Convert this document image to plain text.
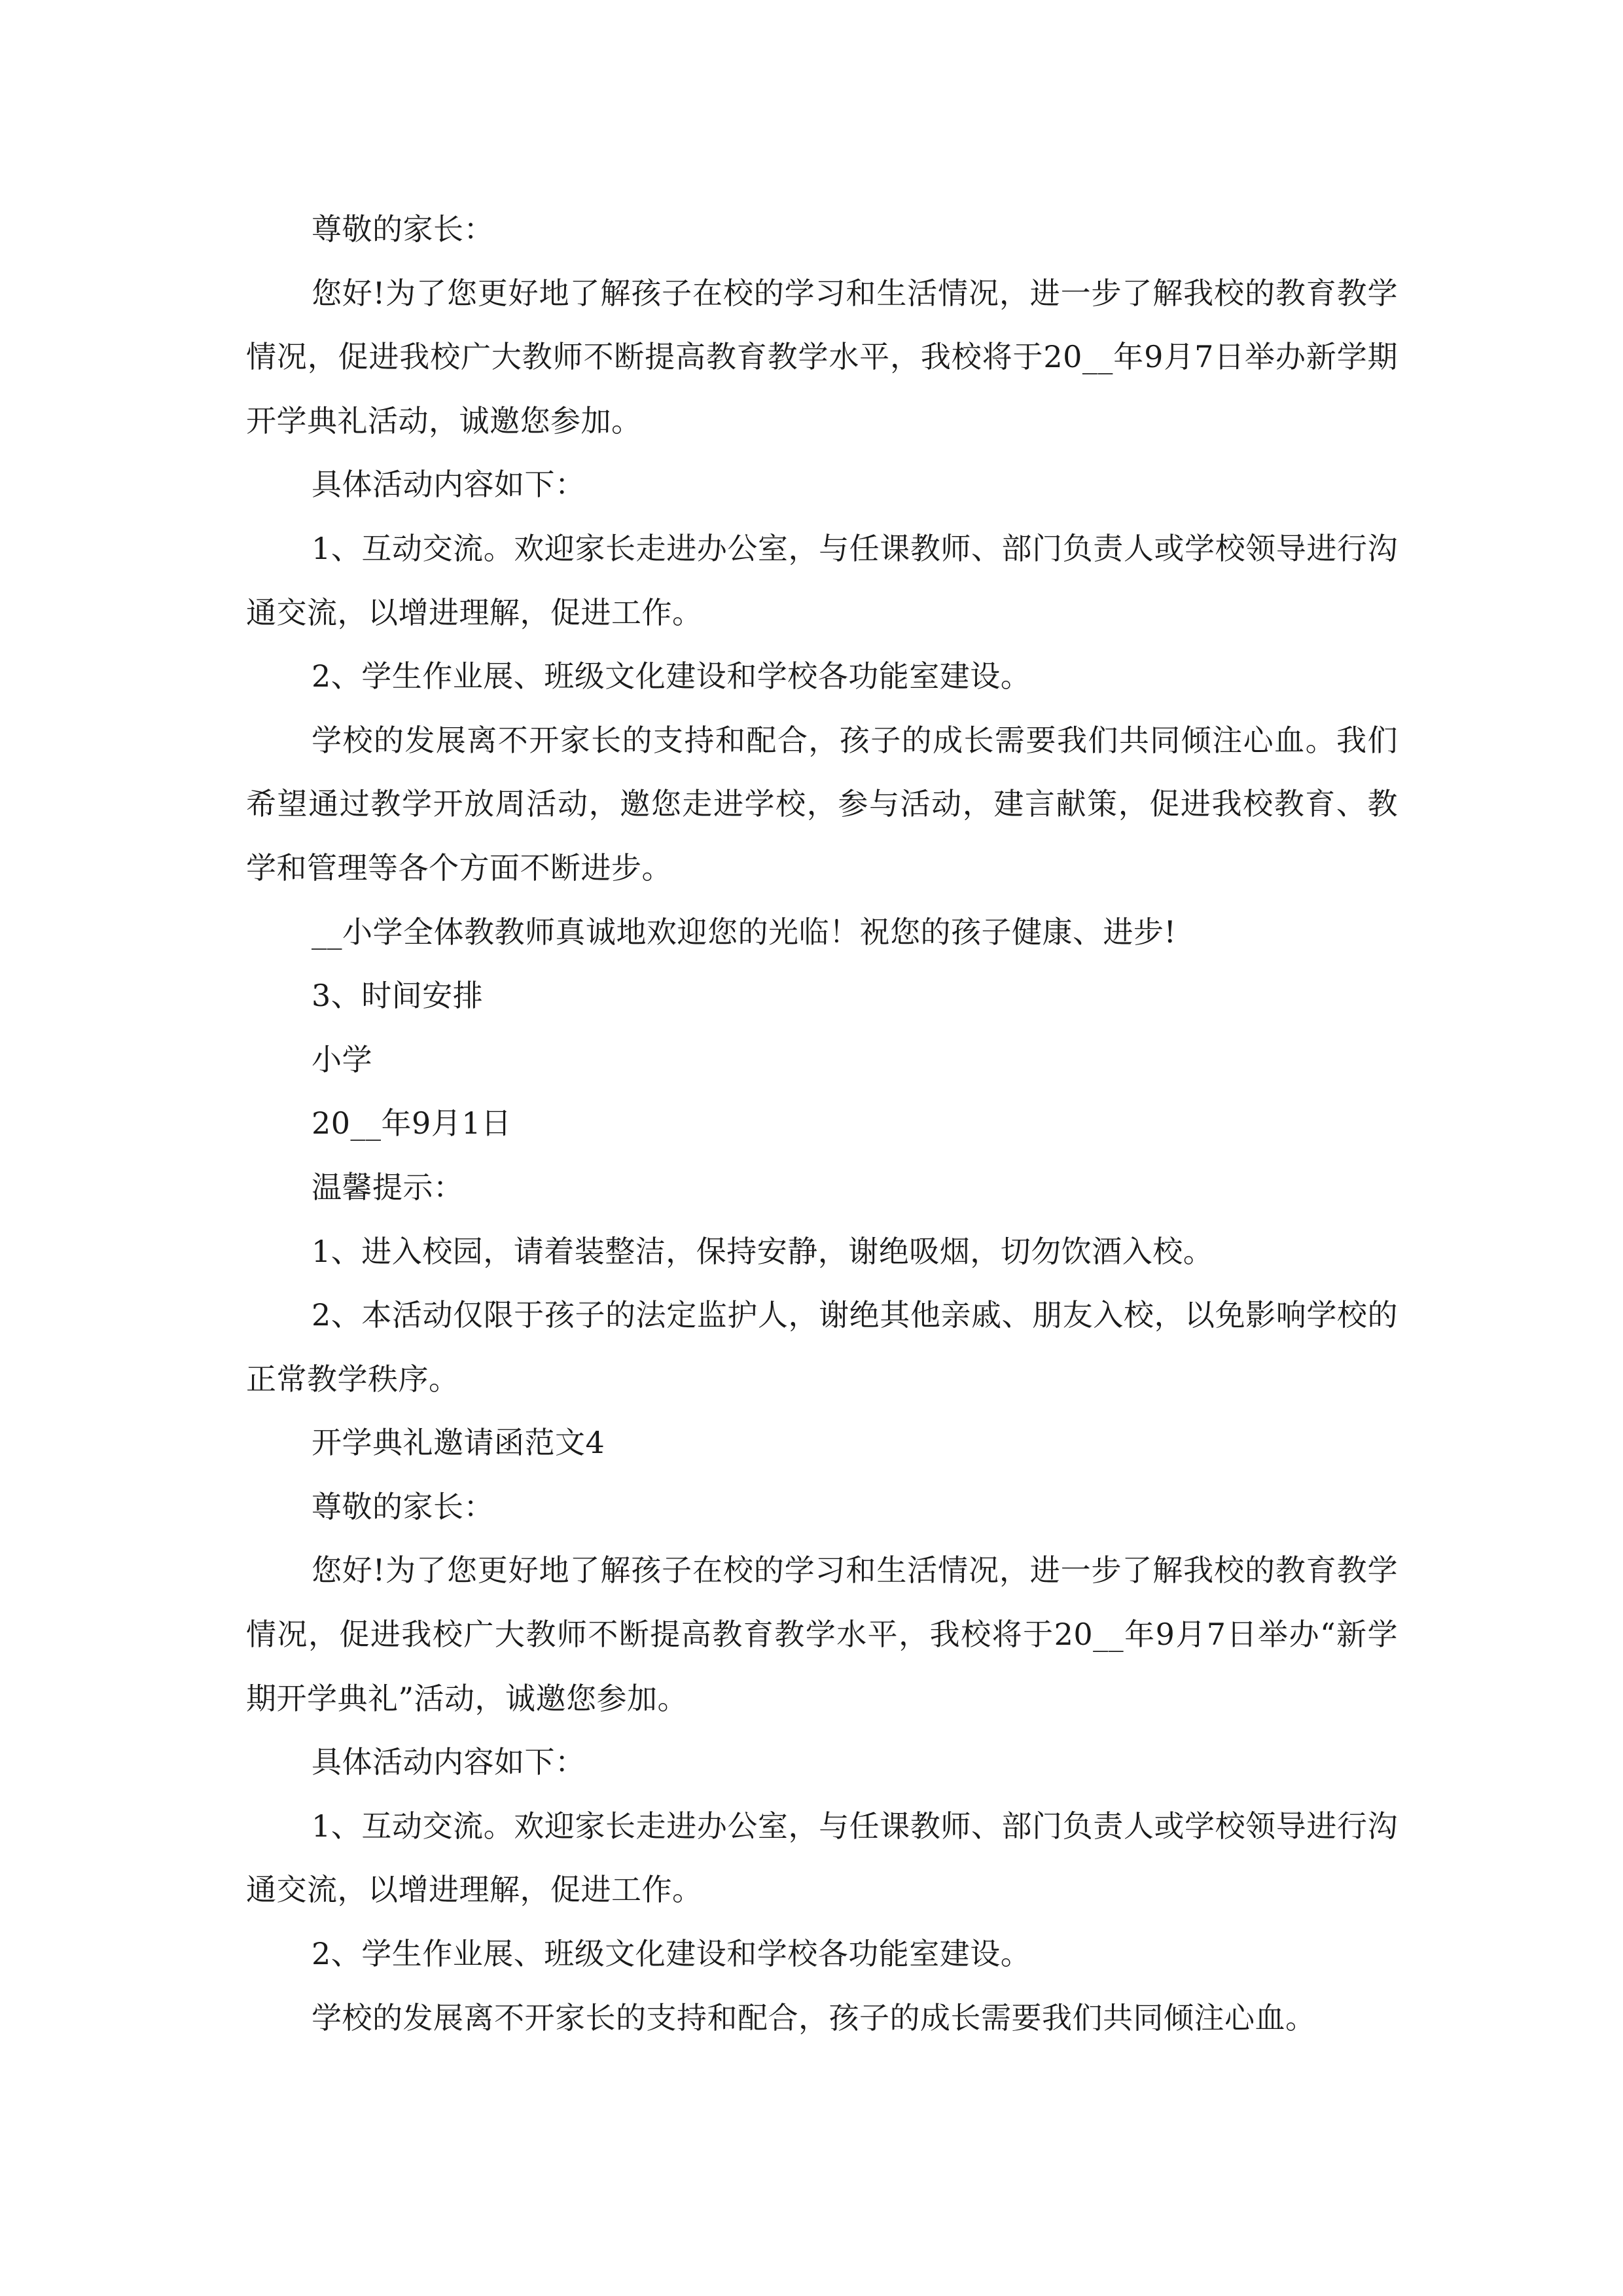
尊敬的家长：

您好!为了您更好地了解孩子在校的学习和生活情况，进一步了解我校的教育教学情况，促进我校广大教师不断提高教育教学水平，我校将于20__年9月7日举办新学期开学典礼活动，诚邀您参加。

具体活动内容如下：

1、互动交流。欢迎家长走进办公室，与任课教师、部门负责人或学校领导进行沟通交流，以增进理解，促进工作。

2、学生作业展、班级文化建设和学校各功能室建设。

学校的发展离不开家长的支持和配合，孩子的成长需要我们共同倾注心血。我们希望通过教学开放周活动，邀您走进学校，参与活动，建言献策，促进我校教育、教学和管理等各个方面不断进步。

__小学全体教教师真诚地欢迎您的光临！祝您的孩子健康、进步!

3、时间安排

小学

20__年9月1日

温馨提示：

1、进入校园，请着装整洁，保持安静，谢绝吸烟，切勿饮酒入校。

2、本活动仅限于孩子的法定监护人，谢绝其他亲戚、朋友入校，以免影响学校的正常教学秩序。

开学典礼邀请函范文4

尊敬的家长：

您好!为了您更好地了解孩子在校的学习和生活情况，进一步了解我校的教育教学情况，促进我校广大教师不断提高教育教学水平，我校将于20__年9月7日举办“新学期开学典礼”活动，诚邀您参加。

具体活动内容如下：

1、互动交流。欢迎家长走进办公室，与任课教师、部门负责人或学校领导进行沟通交流，以增进理解，促进工作。

2、学生作业展、班级文化建设和学校各功能室建设。

学校的发展离不开家长的支持和配合，孩子的成长需要我们共同倾注心血。
